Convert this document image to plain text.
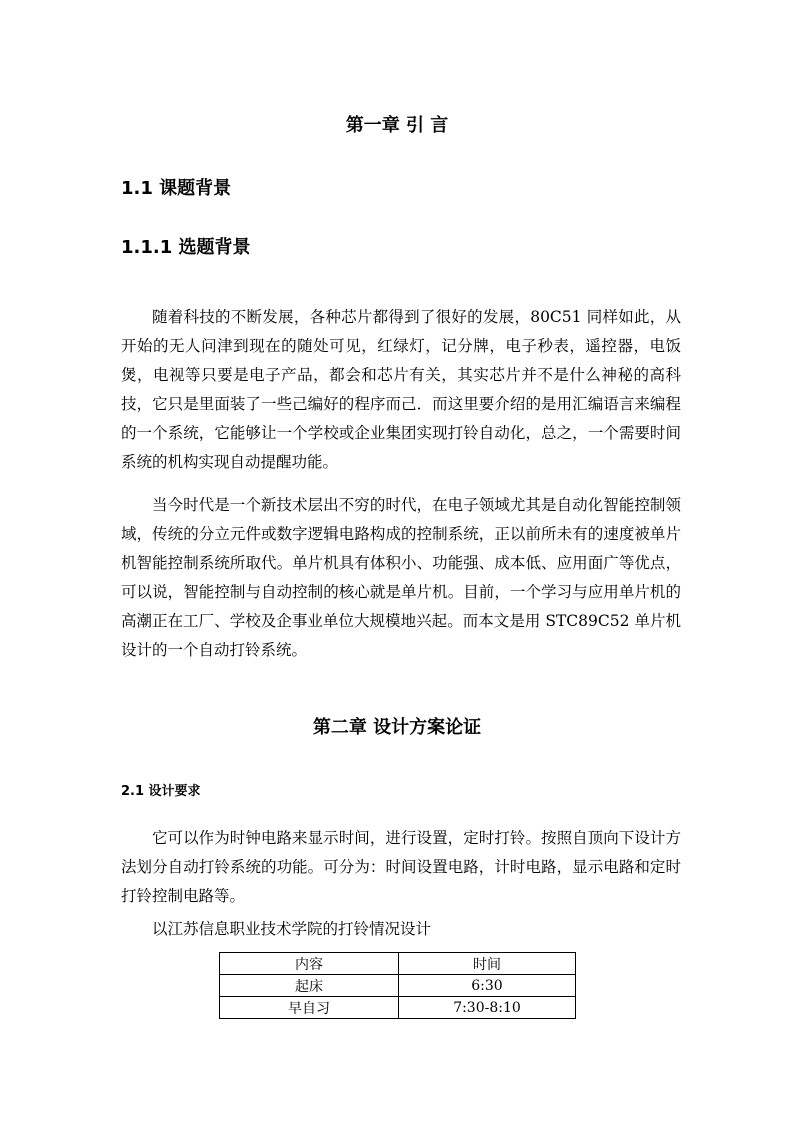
第一章 引 言
1.1 课题背景
1.1.1 选题背景

随着科技的不断发展，各种芯片都得到了很好的发展，80C51 同样如此，从开始的无人问津到现在的随处可见，红绿灯，记分牌，电子秒表，遥控器，电饭煲，电视等只要是电子产品，都会和芯片有关，其实芯片并不是什么神秘的高科技，它只是里面装了一些己编好的程序而己．而这里要介绍的是用汇编语言来编程的一个系统，它能够让一个学校或企业集团实现打铃自动化，总之，一个需要时间系统的机构实现自动提醒功能。

当今时代是一个新技术层出不穷的时代，在电子领域尤其是自动化智能控制领域，传统的分立元件或数字逻辑电路构成的控制系统，正以前所未有的速度被单片机智能控制系统所取代。单片机具有体积小、功能强、成本低、应用面广等优点，可以说，智能控制与自动控制的核心就是单片机。目前，一个学习与应用单片机的高潮正在工厂、学校及企事业单位大规模地兴起。而本文是用 STC89C52 单片机设计的一个自动打铃系统。

第二章 设计方案论证
2.1 设计要求

它可以作为时钟电路来显示时间，进行设置，定时打铃。按照自顶向下设计方法划分自动打铃系统的功能。可分为：时间设置电路，计时电路，显示电路和定时打铃控制电路等。

以江苏信息职业技术学院的打铃情况设计
内容	时间
起床	6:30
早自习	7:30-8:10
